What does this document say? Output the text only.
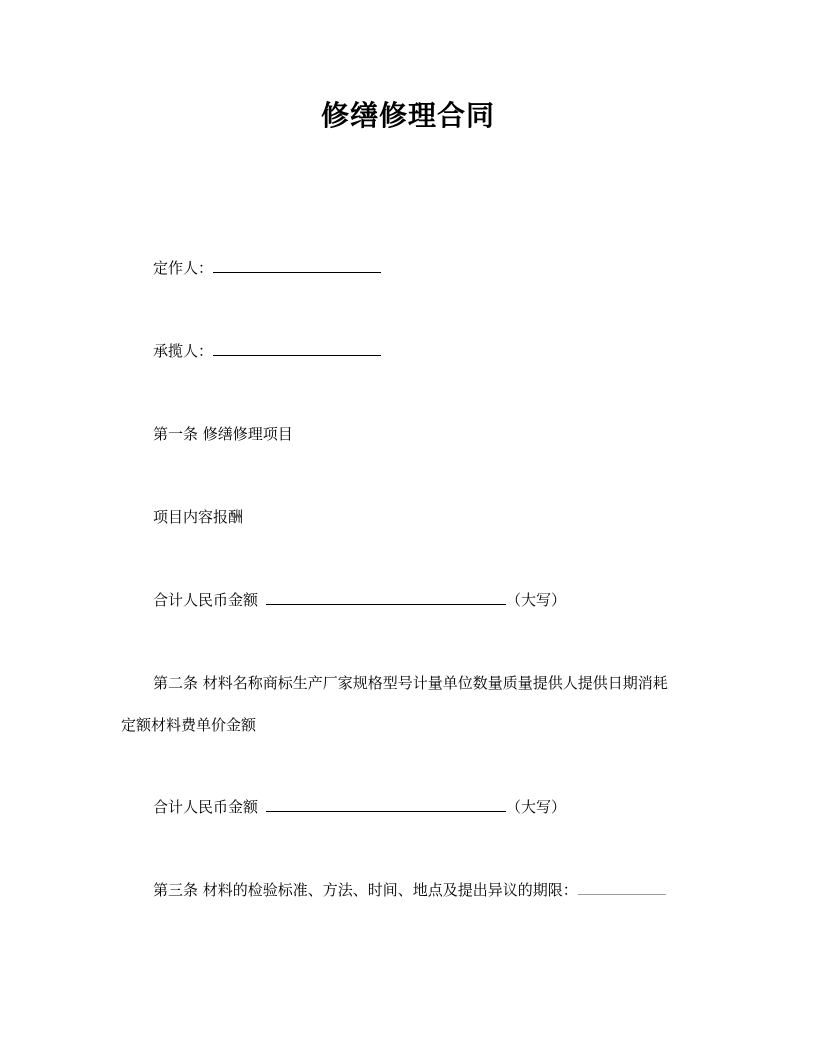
修缮修理合同
定作人：
承揽人：
第一条 修缮修理项目
项目内容报酬
合计人民币金额	（大写）
第二条 材料名称商标生产厂家规格型号计量单位数量质量提供人提供日期消耗
定额材料费单价金额
合计人民币金额	（大写）
第三条 材料的检验标准、方法、时间、地点及提出异议的期限：
